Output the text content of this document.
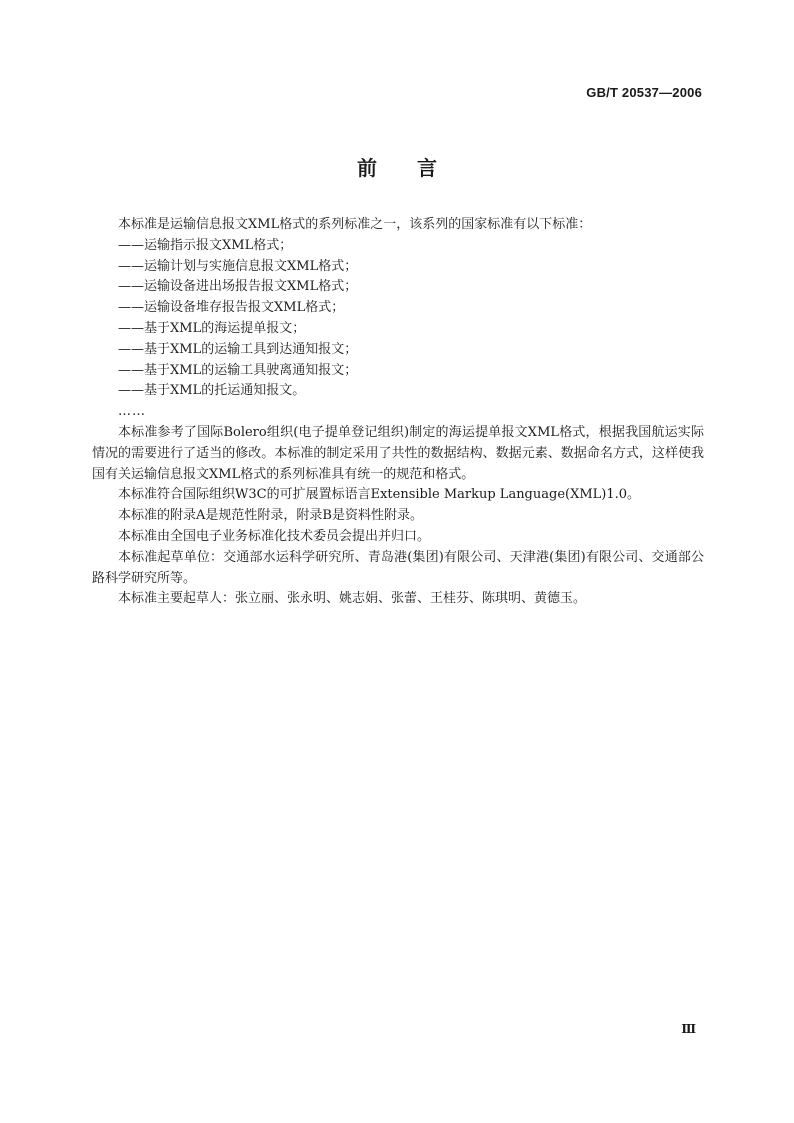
GB/T 20537—2006
前言

本标准是运输信息报文XML格式的系列标准之一，该系列的国家标准有以下标准：

——运输指示报文XML格式；

——运输计划与实施信息报文XML格式；

——运输设备进出场报告报文XML格式；

——运输设备堆存报告报文XML格式；

——基于XML的海运提单报文；

——基于XML的运输工具到达通知报文；

——基于XML的运输工具驶离通知报文；

——基于XML的托运通知报文。

……

本标准参考了国际Bolero组织(电子提单登记组织)制定的海运提单报文XML格式，根据我国航运实际情况的需要进行了适当的修改。本标准的制定采用了共性的数据结构、数据元素、数据命名方式，这样使我国有关运输信息报文XML格式的系列标准具有统一的规范和格式。

本标准符合国际组织W3C的可扩展置标语言Extensible Markup Language(XML)1.0。

本标准的附录A是规范性附录，附录B是资料性附录。

本标准由全国电子业务标准化技术委员会提出并归口。

本标准起草单位：交通部水运科学研究所、青岛港(集团)有限公司、天津港(集团)有限公司、交通部公路科学研究所等。

本标准主要起草人：张立丽、张永明、姚志娟、张蕾、王桂芬、陈琪明、黄德玉。

Ⅲ
